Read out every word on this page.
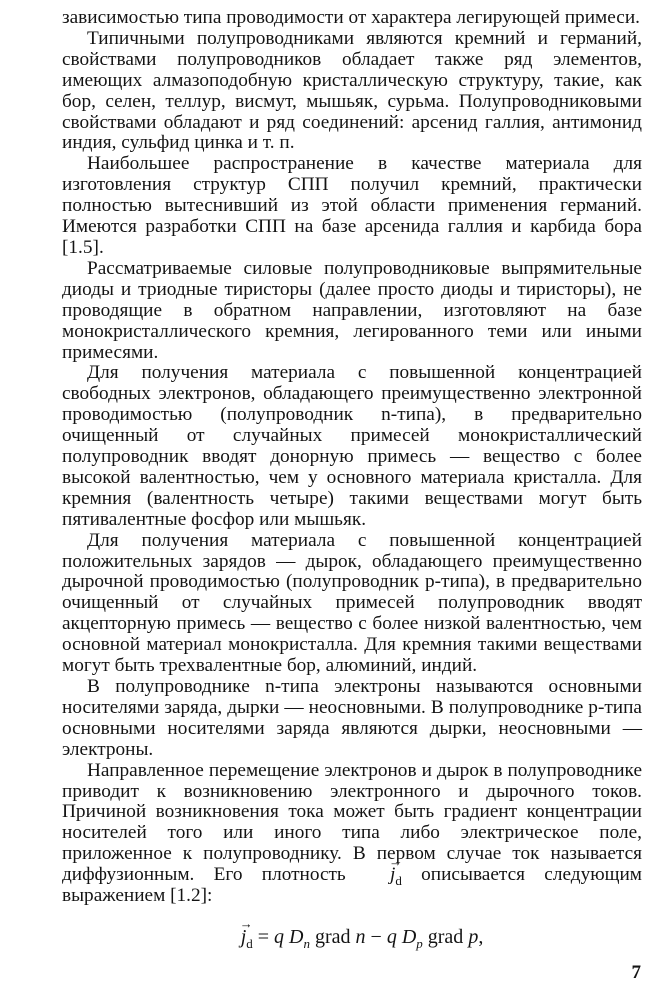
зависимостью типа проводимости от характера легирующей примеси.

Типичными полупроводниками являются кремний и германий, свойствами полупроводников обладает также ряд элементов, имеющих алмазоподобную кристаллическую структуру, такие, как бор, селен, теллур, висмут, мышьяк, сурьма. Полупроводниковыми свойствами обладают и ряд соединений: арсенид галлия, антимонид индия, сульфид цинка и т. п.

Наибольшее распространение в качестве материала для изготовления структур СПП получил кремний, практически полностью вытеснивший из этой области применения германий. Имеются разработки СПП на базе арсенида галлия и карбида бора [1.5].

Рассматриваемые силовые полупроводниковые выпрямительные диоды и триодные тиристоры (далее просто диоды и тиристоры), не проводящие в обратном направлении, изготовляют на базе монокристаллического кремния, легированного теми или иными примесями.

Для получения материала с повышенной концентрацией свободных электронов, обладающего преимущественно электронной проводимостью (полупроводник n-типа), в предварительно очищенный от случайных примесей монокристаллический полупроводник вводят донорную примесь — вещество с более высокой валентностью, чем у основного материала кристалла. Для кремния (валентность четыре) такими веществами могут быть пятивалентные фосфор или мышьяк.

Для получения материала с повышенной концентрацией положительных зарядов — дырок, обладающего преимущественно дырочной проводимостью (полупроводник p-типа), в предварительно очищенный от случайных примесей полупроводник вводят акцепторную примесь — вещество с более низкой валентностью, чем основной материал монокристалла. Для кремния такими веществами могут быть трехвалентные бор, алюминий, индий.

В полупроводнике n-типа электроны называются основными носителями заряда, дырки — неосновными. В полупроводнике p-типа основными носителями заряда являются дырки, неосновными — электроны.

Направленное перемещение электронов и дырок в полупроводнике приводит к возникновению электронного и дырочного токов. Причиной возникновения тока может быть градиент концентрации носителей того или иного типа либо электрическое поле, приложенное к полупроводнику. В первом случае ток называется диффузионным. Его плотность → $j_d$ описывается следующим выражением [1.2]:

→ $j_d = q$ $D_n$ grad n − q $D_p$ grad p,
7
